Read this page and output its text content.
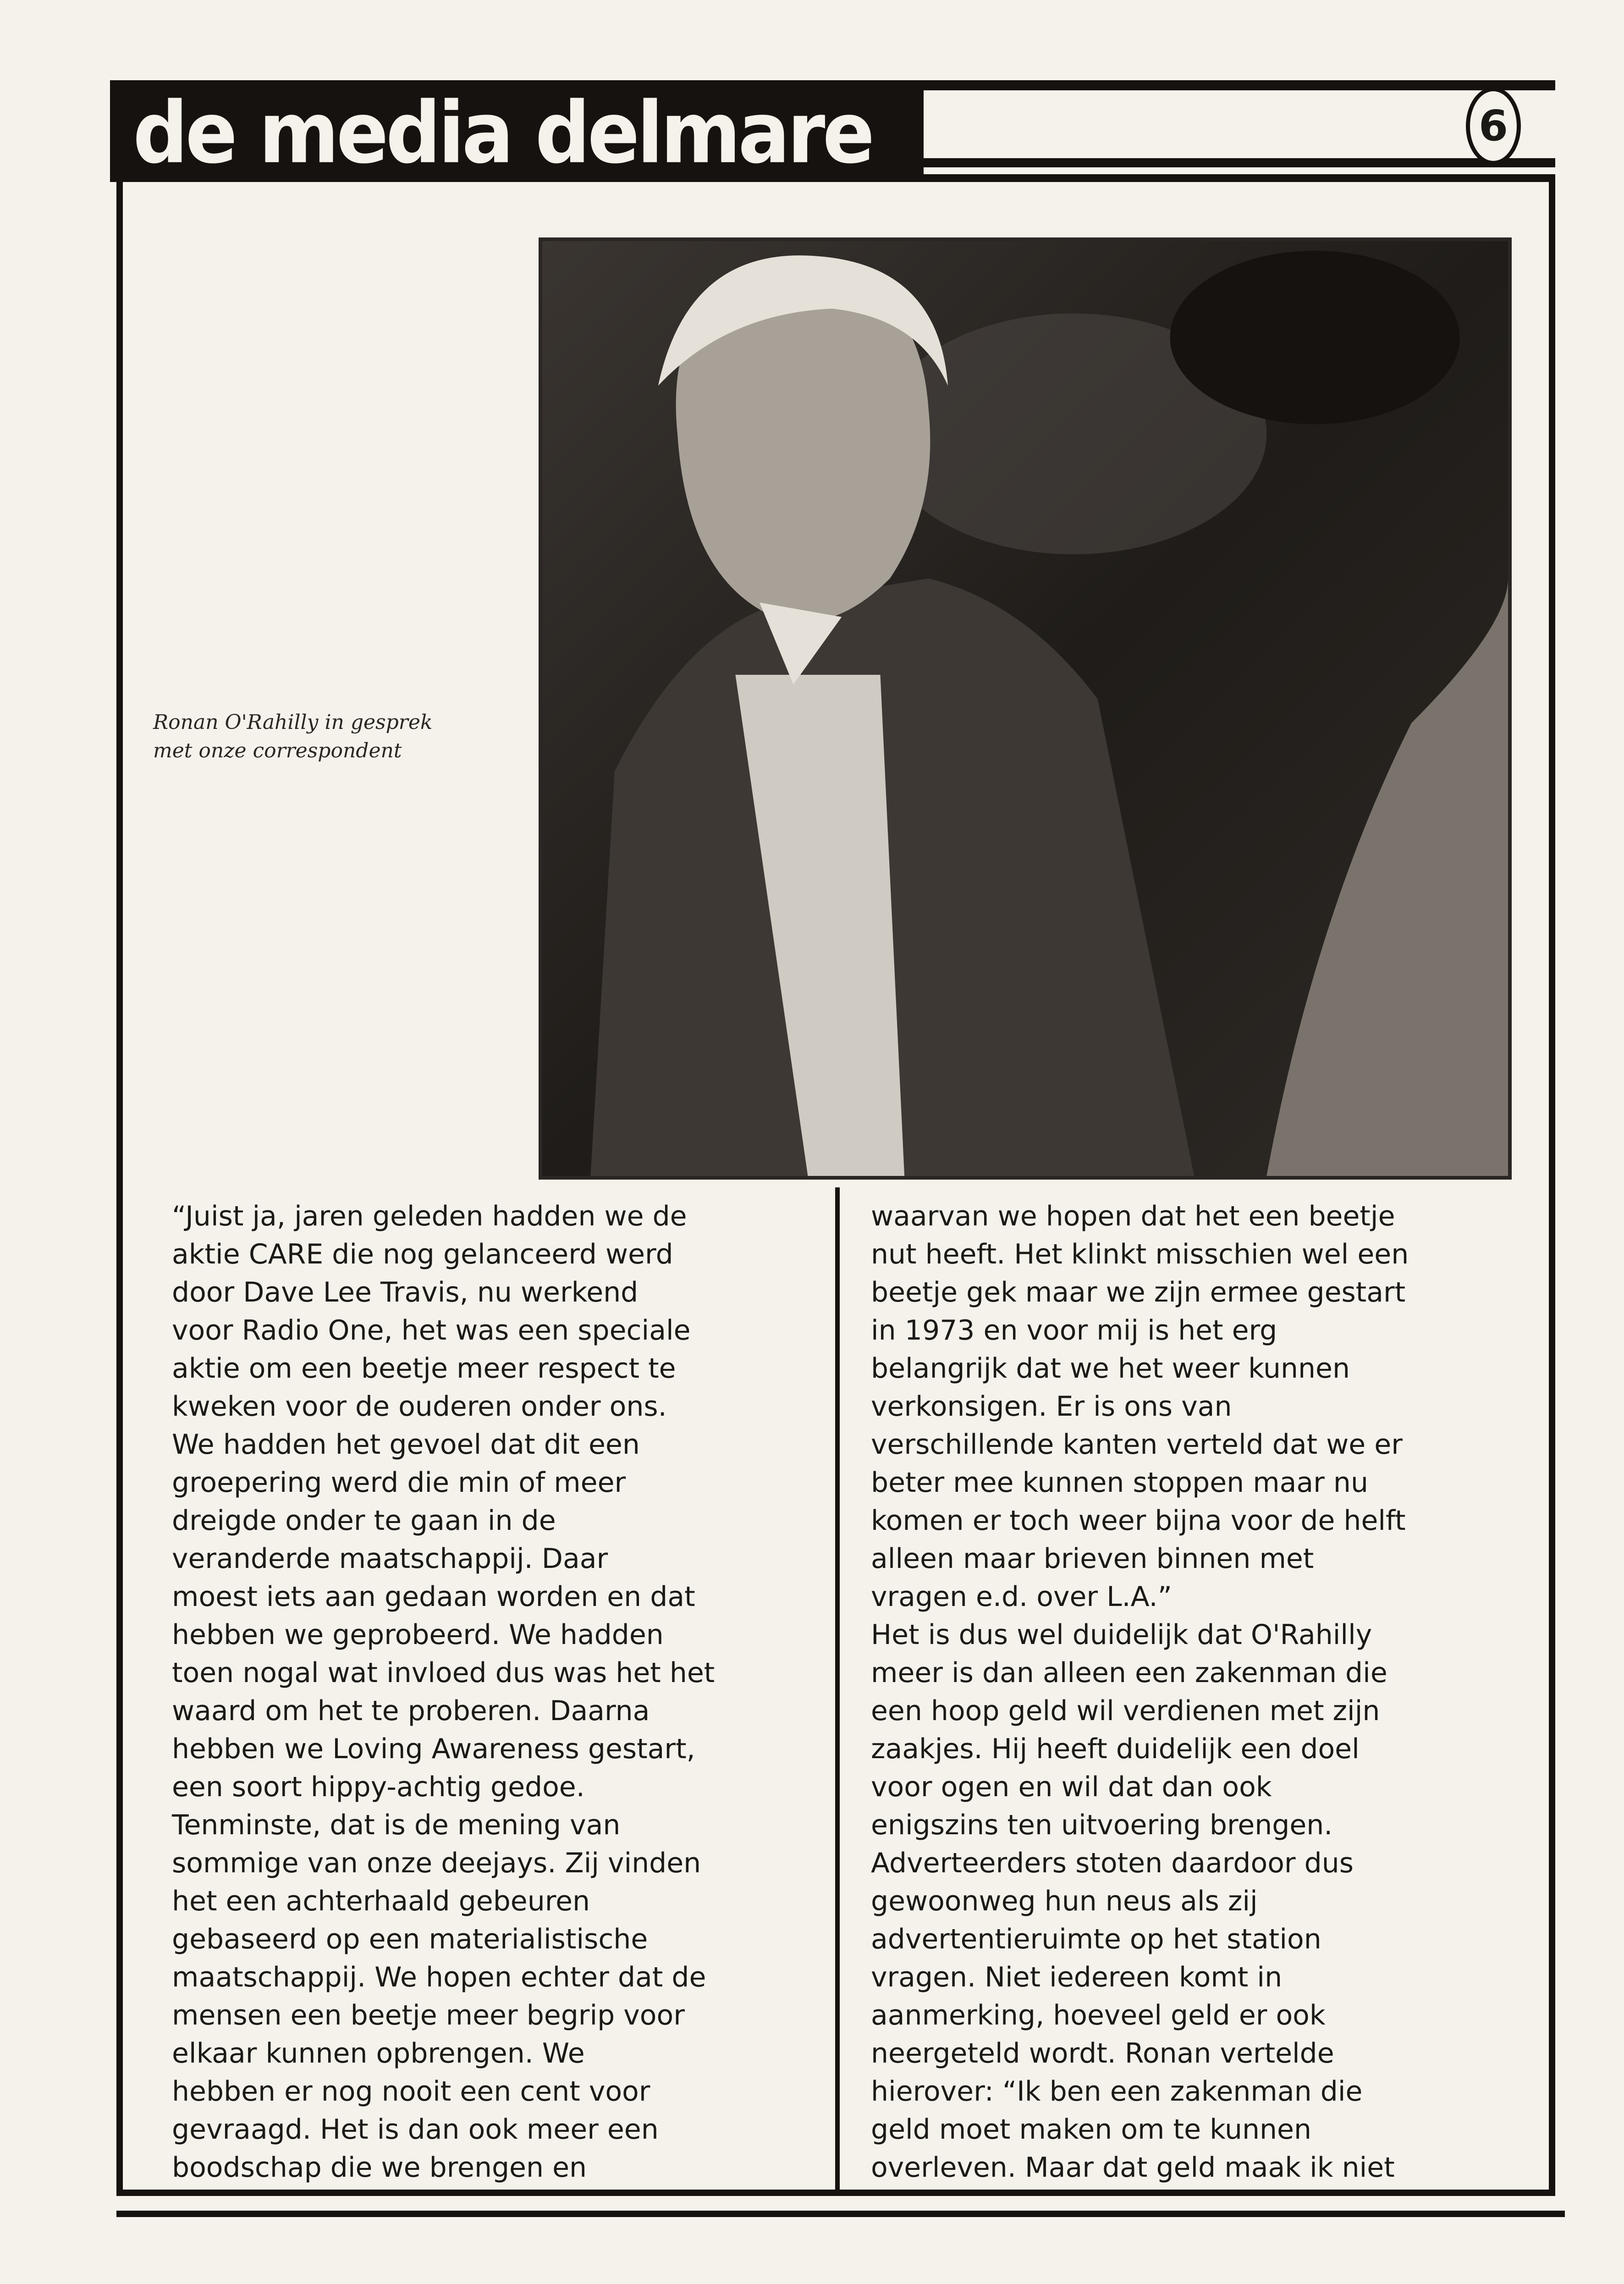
de media delmare	6
Ronan O'Rahilly in gesprek
met onze correspondent
“Juist ja, jaren geleden hadden we de
aktie CARE die nog gelanceerd werd
door Dave Lee Travis, nu werkend
voor Radio One, het was een speciale
aktie om een beetje meer respect te
kweken voor de ouderen onder ons.
We hadden het gevoel dat dit een
groepering werd die min of meer
dreigde onder te gaan in de
veranderde maatschappij. Daar
moest iets aan gedaan worden en dat
hebben we geprobeerd. We hadden
toen nogal wat invloed dus was het het
waard om het te proberen. Daarna
hebben we Loving Awareness gestart,
een soort hippy-achtig gedoe.
Tenminste, dat is de mening van
sommige van onze deejays. Zij vinden
het een achterhaald gebeuren
gebaseerd op een materialistische
maatschappij. We hopen echter dat de
mensen een beetje meer begrip voor
elkaar kunnen opbrengen. We
hebben er nog nooit een cent voor
gevraagd. Het is dan ook meer een
boodschap die we brengen en
waarvan we hopen dat het een beetje
nut heeft. Het klinkt misschien wel een
beetje gek maar we zijn ermee gestart
in 1973 en voor mij is het erg
belangrijk dat we het weer kunnen
verkonsigen. Er is ons van
verschillende kanten verteld dat we er
beter mee kunnen stoppen maar nu
komen er toch weer bijna voor de helft
alleen maar brieven binnen met
vragen e.d. over L.A.”
Het is dus wel duidelijk dat O'Rahilly
meer is dan alleen een zakenman die
een hoop geld wil verdienen met zijn
zaakjes. Hij heeft duidelijk een doel
voor ogen en wil dat dan ook
enigszins ten uitvoering brengen.
Adverteerders stoten daardoor dus
gewoonweg hun neus als zij
advertentieruimte op het station
vragen. Niet iedereen komt in
aanmerking, hoeveel geld er ook
neergeteld wordt. Ronan vertelde
hierover: “Ik ben een zakenman die
geld moet maken om te kunnen
overleven. Maar dat geld maak ik niet
